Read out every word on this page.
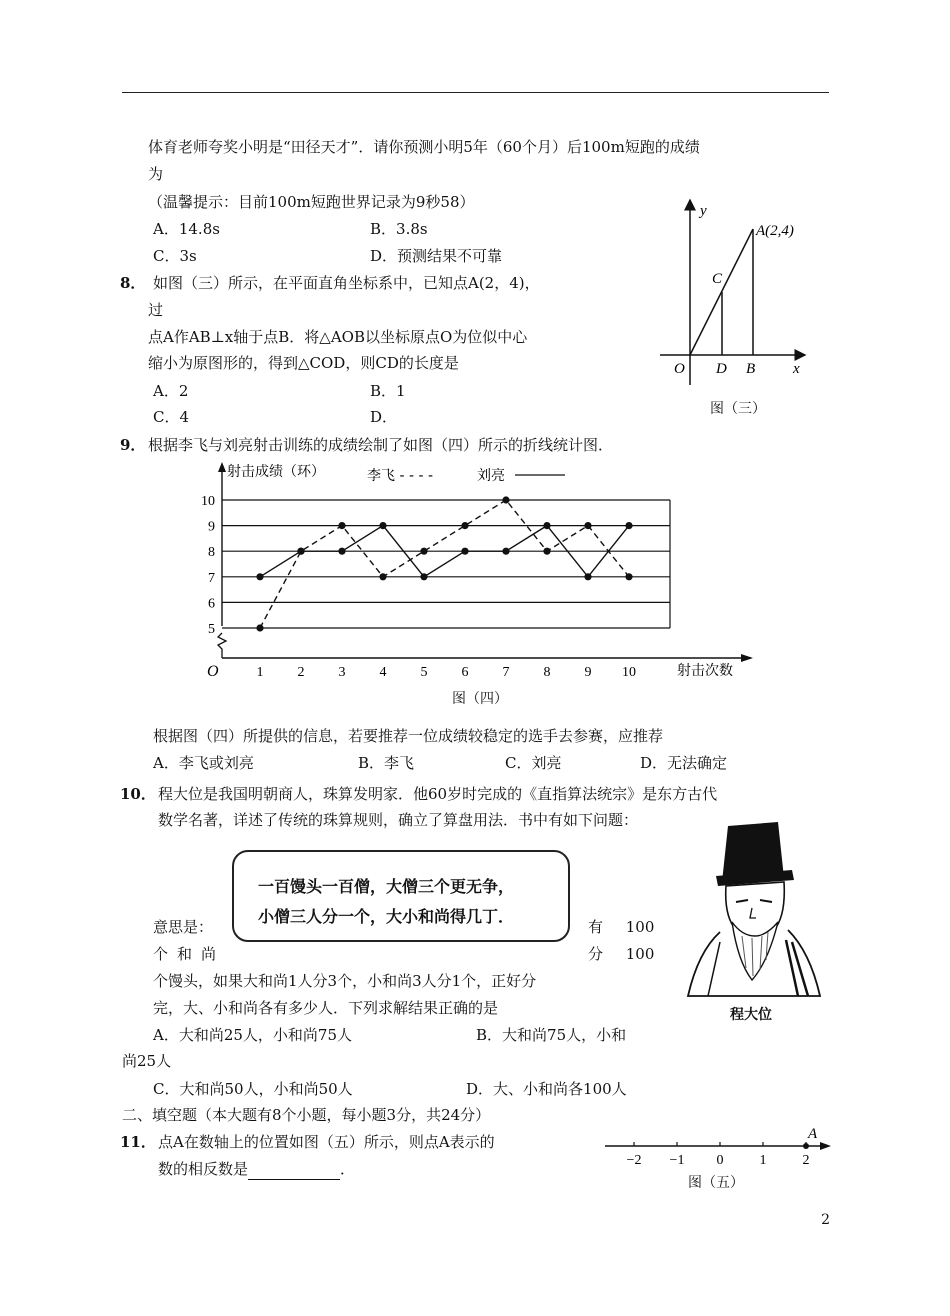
体育老师夸奖小明是“田径天才”．请你预测小明5年（60个月）后100m短跑的成绩
为
（温馨提示：目前100m短跑世界记录为9秒58）
A．14.8s	B．3.8s
C．3s	D．预测结果不可靠
8． 如图（三）所示，在平面直角坐标系中，已知点A(2，4)，
过
点A作AB⊥x轴于点B．将△AOB以坐标原点O为位似中心
缩小为原图形的，得到△COD，则CD的长度是
A．2	B．1
C．4	D．
y
x
O D B
C
A(2,4)
图（三）
9． 根据李飞与刘亮射击训练的成绩绘制了如图（四）所示的折线统计图．
5
6
7
8
9
10
1 2 3 4 5 6 7 8 9 10
O	射击次数
射击成绩（环）	李飞 - - - -	刘亮
根据图（四）所提供的信息，若要推荐一位成绩较稳定的选手去参赛，应推荐
A．李飞或刘亮	B．李飞	C．刘亮	D．无法确定
10． 程大位是我国明朝商人，珠算发明家．他60岁时完成的《直指算法统宗》是东方古代
数学名著，详述了传统的珠算规则，确立了算盘用法．书中有如下问题：
一百馒头一百僧，大僧三个更无争，
小僧三人分一个，大小和尚得几丁．
意思是：	有 100
个和尚	分 100
个馒头，如果大和尚1人分3个，小和尚3人分1个，正好分
完，大、小和尚各有多少人．下列求解结果正确的是
A．大和尚25人，小和尚75人	B．大和尚75人，小和
尚25人
C．大和尚50人，小和尚50人	D．大、小和尚各100人
程大位
二、填空题（本大题有8个小题，每小题3分，共24分）
11． 点A在数轴上的位置如图（五）所示，则点A表示的
数的相反数是	．	−2 −1 0	1	2
A
图（五）
2
图（四）
